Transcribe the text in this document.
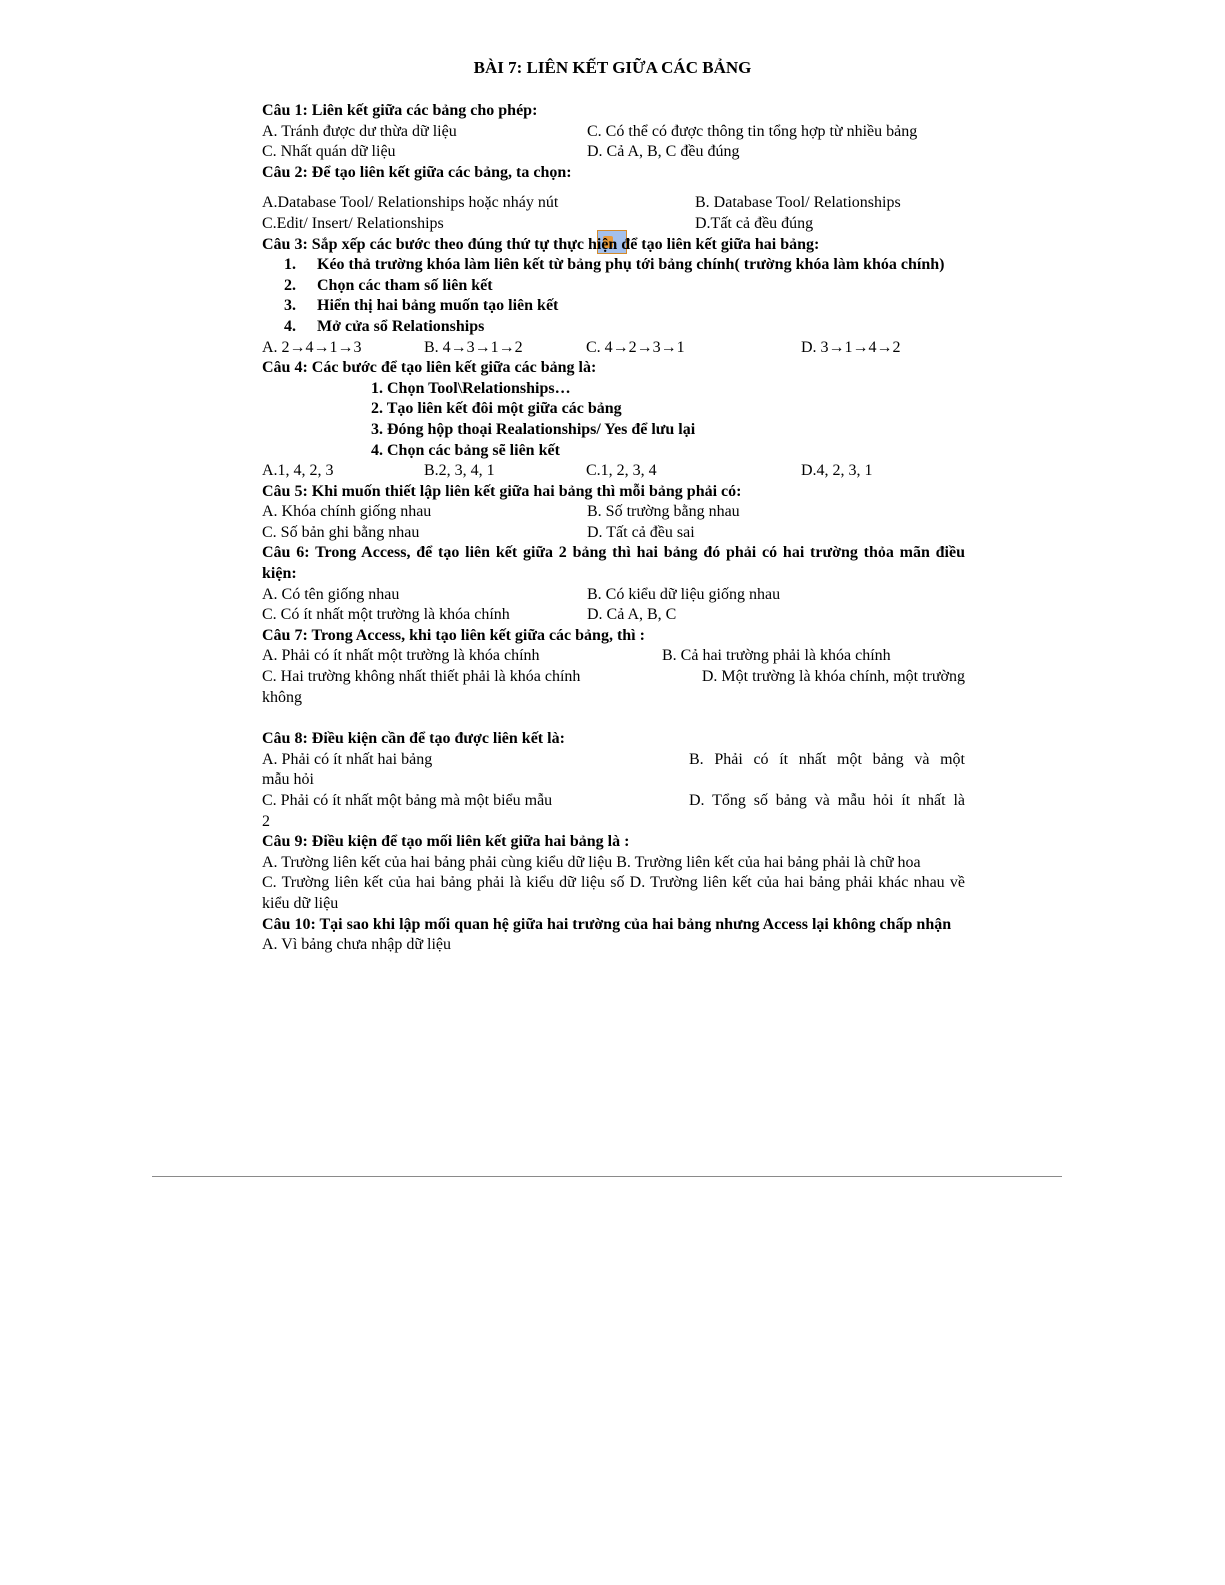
BÀI 7: LIÊN KẾT GIỮA CÁC BẢNG
Câu 1: Liên kết giữa các bảng cho phép:
A. Tránh được dư thừa dữ liệu	C. Có thể có được thông tin tổng hợp từ nhiều bảng
C. Nhất quán dữ liệu	D. Cả A, B, C đều đúng
Câu 2: Để tạo liên kết giữa các bảng, ta chọn:
A.Database Tool/ Relationships hoặc nháy nút	B. Database Tool/ Relationships
C.Edit/ Insert/ Relationships	D.Tất cả đều đúng
Câu 3: Sắp xếp các bước theo đúng thứ tự thực hiện để tạo liên kết giữa hai bảng:
1. Kéo thả trường khóa làm liên kết từ bảng phụ tới bảng chính( trường khóa làm khóa chính)
2. Chọn các tham số liên kết
3. Hiển thị hai bảng muốn tạo liên kết
4. Mở cửa sổ Relationships
A. 2→4→1→3	B. 4→3→1→2	C. 4→2→3→1	D. 3→1→4→2
Câu 4: Các bước để tạo liên kết giữa các bảng là:
1. Chọn Tool\Relationships…
2. Tạo liên kết đôi một giữa các bảng
3. Đóng hộp thoại Realationships/ Yes để lưu lại
4. Chọn các bảng sẽ liên kết
A.1, 4, 2, 3	B.2, 3, 4, 1	C.1, 2, 3, 4	D.4, 2, 3, 1
Câu 5: Khi muốn thiết lập liên kết giữa hai bảng thì mỗi bảng phải có:
A. Khóa chính giống nhau	B. Số trường bằng nhau
C. Số bản ghi bằng nhau	D. Tất cả đều sai
Câu 6: Trong Access, để tạo liên kết giữa 2 bảng thì hai bảng đó phải có hai trường thỏa mãn điều kiện:
A. Có tên giống nhau	B. Có kiểu dữ liệu giống nhau
C. Có ít nhất một trường là khóa chính	D. Cả A, B, C
Câu 7: Trong Access, khi tạo liên kết giữa các bảng, thì :
A. Phải có ít nhất một trường là khóa chính	B. Cả hai trường phải là khóa chính
C. Hai trường không nhất thiết phải là khóa chính	D. Một trường là khóa chính, một trường
không
Câu 8: Điều kiện cần để tạo được liên kết là:
A. Phải có ít nhất hai bảng	B. Phải có ít nhất một bảng và một
mẫu hỏi
C. Phải có ít nhất một bảng mà một biểu mẫu	D. Tổng số bảng và mẫu hỏi ít nhất là
2
Câu 9: Điều kiện để tạo mối liên kết giữa hai bảng là :
A. Trường liên kết của hai bảng phải cùng kiểu dữ liệu B. Trường liên kết của hai bảng phải là chữ hoa
C. Trường liên kết của hai bảng phải là kiểu dữ liệu số D. Trường liên kết của hai bảng phải khác nhau về kiểu dữ liệu
Câu 10: Tại sao khi lập mối quan hệ giữa hai trường của hai bảng nhưng Access lại không chấp nhận
A. Vì bảng chưa nhập dữ liệu
